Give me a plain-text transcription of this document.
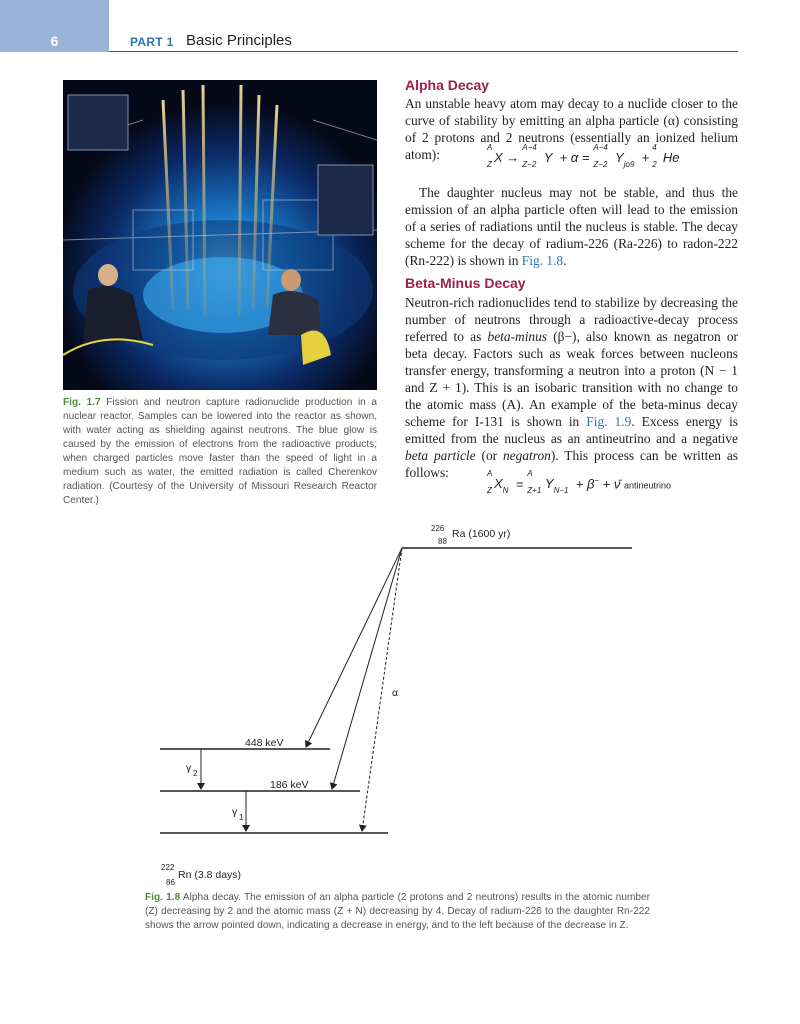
6	PART 1 Basic Principles
Fig. 1.7 Fission and neutron capture radionuclide production in a nuclear reactor. Samples can be lowered into the reactor as shown, with water acting as shielding against neutrons. The blue glow is caused by the emission of electrons from the radioactive products; when charged particles move faster than the speed of light in a medium such as water, the emitted radiation is called Cherenkov radiation. (Courtesy of the University of Missouri Research Reactor Center.)
Alpha Decay
An unstable heavy atom may decay to a nuclide closer to the curve of stability by emitting an alpha particle (α) consisting of 2 protons and 2 neutrons (essentially an ionized helium atom):	A
Z X →
A−4
Z−2 Y  + α =
A−4
Z−2 $Y_{jo9}$  +
4
2 He
The daughter nucleus may not be stable, and thus the emission of an alpha particle often will lead to the emission of a series of radiations until the nucleus is stable. The decay scheme for the decay of radium-226 (Ra-226) to radon-222 (Rn-222) is shown in Fig. 1.8.
Beta-Minus Decay
Neutron-rich radionuclides tend to stabilize by decreasing the number of neutrons through a radioactive-decay process referred to as beta-minus (β−), also known as negatron or beta decay. Factors such as weak forces between nucleons transfer energy, transforming a neutron into a proton (N − 1 and Z + 1). This is an isobaric transition with no change to the atomic mass (A). An example of the beta-minus decay scheme for I-131 is shown in Fig. 1.9. Excess energy is emitted from the nucleus as an antineutrino and a negative beta particle (or negatron). This process can be written as follows:	A
Z $X_N$  =
A
Z+1 $Y_{N-1} + \beta^-$ + ν̄ antineutrino
226
88
Ra (1600 yr)
448 keV
186 keV
α
γ 2
γ 1
222
86
Rn (3.8 days)
Fig. 1.8 Alpha decay. The emission of an alpha particle (2 protons and 2 neutrons) results in the atomic number (Z) decreasing by 2 and the atomic mass (Z + N) decreasing by 4. Decay of radium-226 to the daughter Rn-222 shows the arrow pointed down, indicating a decrease in energy, and to the left because of the decrease in Z.
